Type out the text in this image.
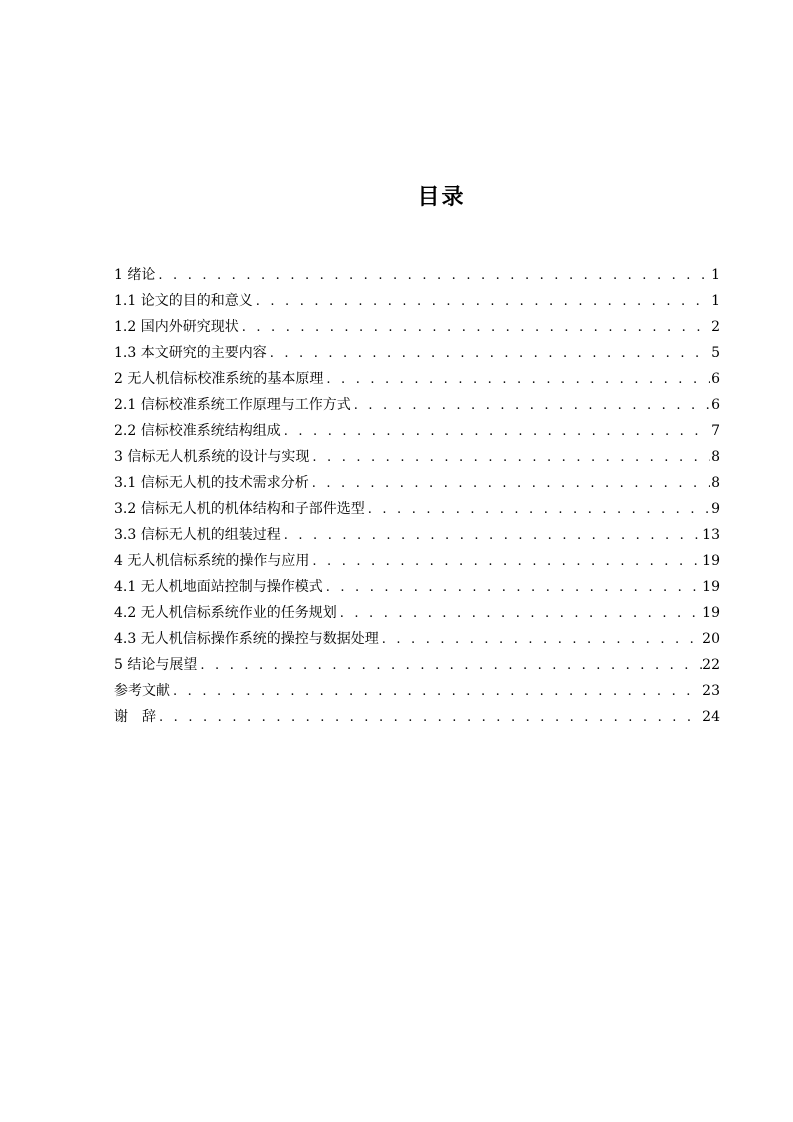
目录
1 绪论 . . .	1
1.1 论文的目的和意义 . . .	1
1.2 国内外研究现状 . . .	2
1.3 本文研究的主要内容 . . .	5
2 无人机信标校准系统的基本原理 . . .	6
2.1 信标校准系统工作原理与工作方式 . . .	6
2.2 信标校准系统结构组成 . . .	7
3 信标无人机系统的设计与实现 . . .	8
3.1 信标无人机的技术需求分析 . . .	8
3.2 信标无人机的机体结构和子部件选型 . . .	9
3.3 信标无人机的组装过程 . . .	13
4 无人机信标系统的操作与应用 . . .	19
4.1 无人机地面站控制与操作模式 . . .	19
4.2 无人机信标系统作业的任务规划 . . .	19
4.3 无人机信标操作系统的操控与数据处理 . . .	20
5 结论与展望 . . .	22
参考文献 . . .	23
谢　辞 . . .	24
